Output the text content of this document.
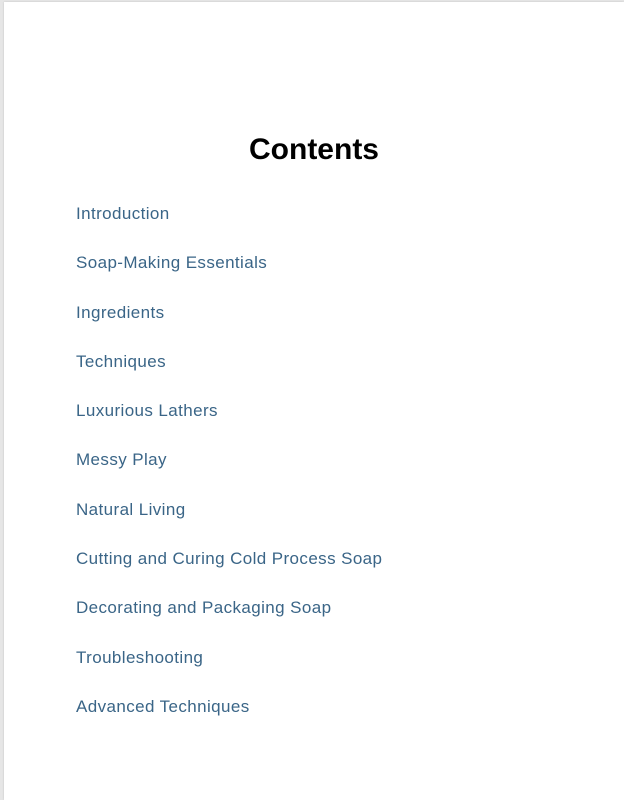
Contents
Introduction
Soap-Making Essentials
Ingredients
Techniques
Luxurious Lathers
Messy Play
Natural Living
Cutting and Curing Cold Process Soap
Decorating and Packaging Soap
Troubleshooting
Advanced Techniques
